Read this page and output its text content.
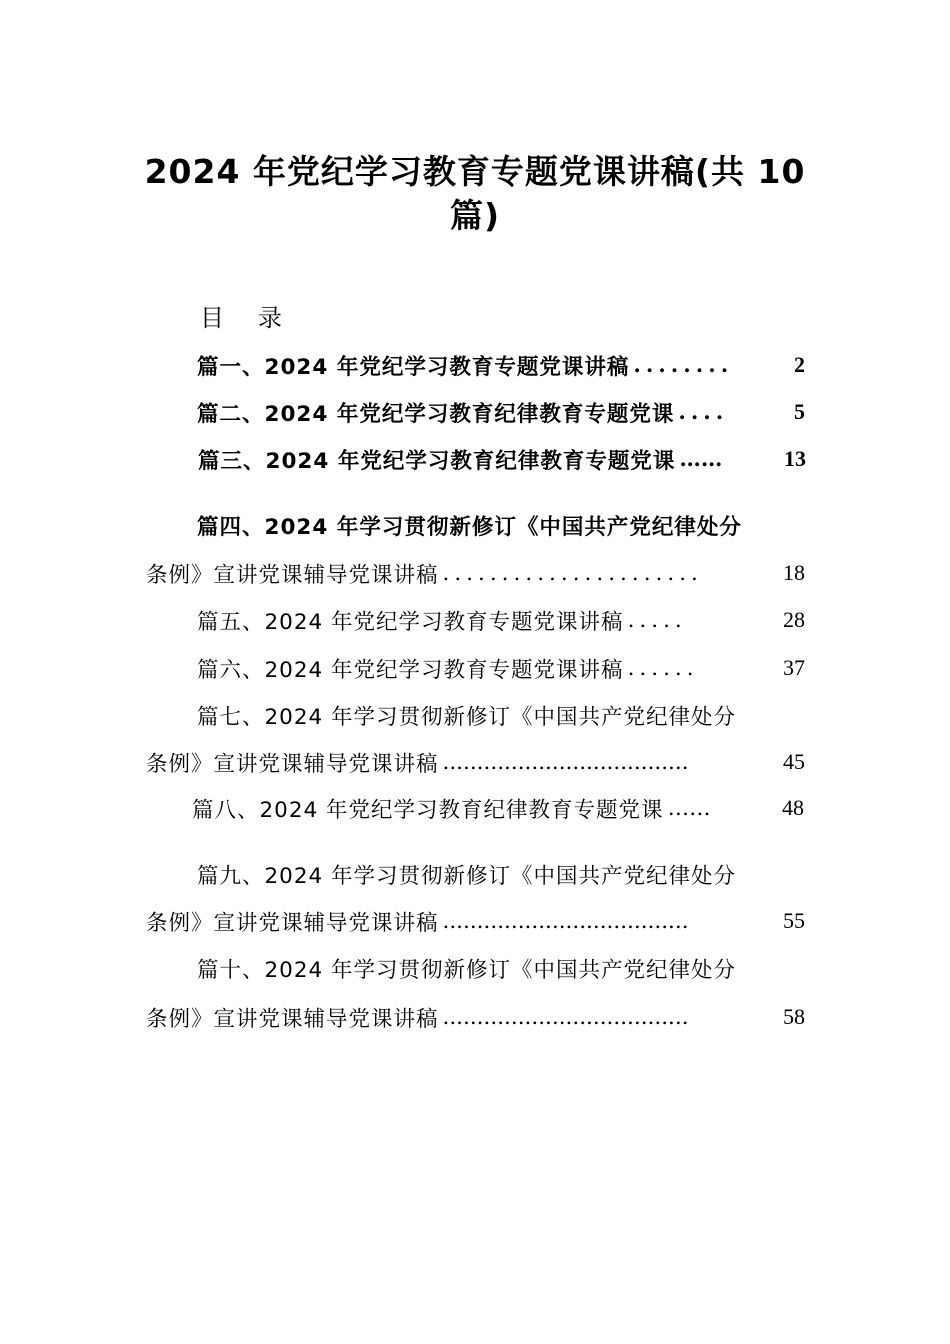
2024 年党纪学习教育专题党课讲稿(共 10
篇)
目 录
篇一、2024 年党纪学习教育专题党课讲稿 ........	2
篇二、2024 年党纪学习教育纪律教育专题党课 ....	5
篇三、2024 年党纪学习教育纪律教育专题党课 ……	13
篇四、2024 年学习贯彻新修订《中国共产党纪律处分
条例》宣讲党课辅导党课讲稿 ......................	18
篇五、2024 年党纪学习教育专题党课讲稿 .....	28
篇六、2024 年党纪学习教育专题党课讲稿 ......	37
篇七、2024 年学习贯彻新修订《中国共产党纪律处分
条例》宣讲党课辅导党课讲稿 ....................................	45
篇八、2024 年党纪学习教育纪律教育专题党课 ……	48
篇九、2024 年学习贯彻新修订《中国共产党纪律处分
条例》宣讲党课辅导党课讲稿 ....................................	55
篇十、2024 年学习贯彻新修订《中国共产党纪律处分
条例》宣讲党课辅导党课讲稿 ....................................	58
